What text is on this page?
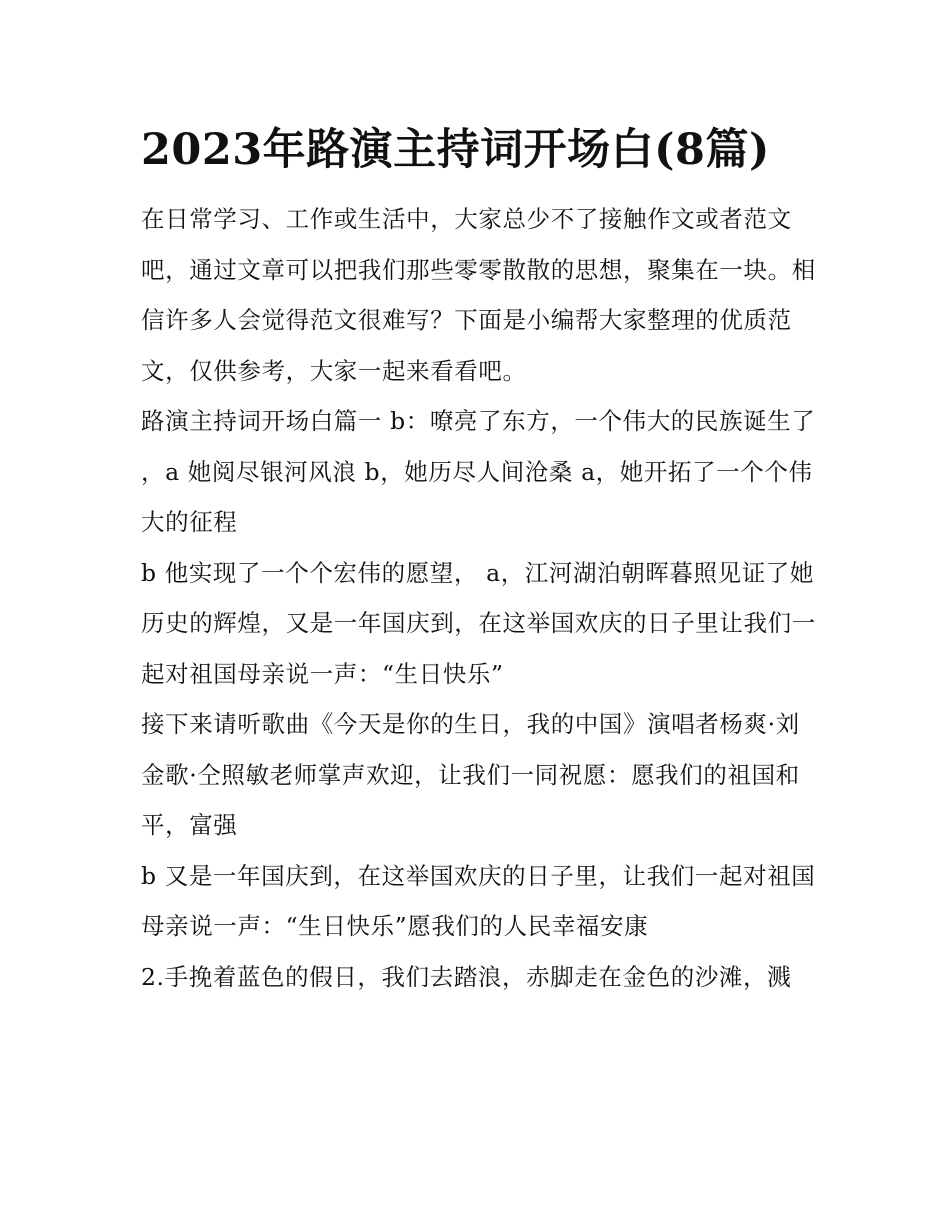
2023年路演主持词开场白(8篇)

在日常学习、工作或生活中，大家总少不了接触作文或者范文吧，通过文章可以把我们那些零零散散的思想，聚集在一块。相信许多人会觉得范文很难写？下面是小编帮大家整理的优质范文，仅供参考，大家一起来看看吧。

路演主持词开场白篇一 b：嘹亮了东方，一个伟大的民族诞生了 ，a 她阅尽银河风浪 b，她历尽人间沧桑 a，她开拓了一个个伟大的征程

b 他实现了一个个宏伟的愿望， a，江河湖泊朝晖暮照见证了她历史的辉煌，又是一年国庆到，在这举国欢庆的日子里让我们一起对祖国母亲说一声：“生日快乐”

接下来请听歌曲《今天是你的生日，我的中国》演唱者杨爽·刘金歌·仝照敏老师掌声欢迎，让我们一同祝愿：愿我们的祖国和平，富强

b 又是一年国庆到，在这举国欢庆的日子里，让我们一起对祖国母亲说一声：“生日快乐”愿我们的人民幸福安康

2.手挽着蓝色的假日，我们去踏浪，赤脚走在金色的沙滩，溅
